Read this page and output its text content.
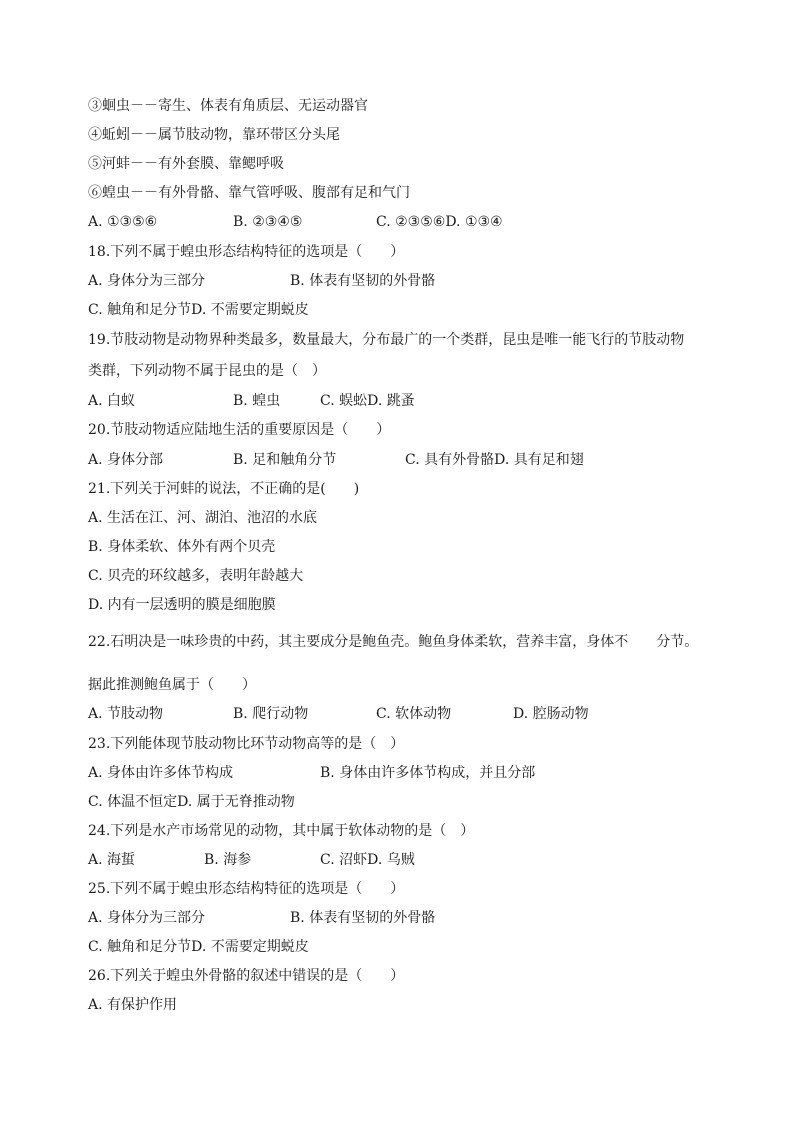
③蛔虫－－寄生、体表有角质层、无运动器官
④蚯蚓－－属节肢动物，靠环带区分头尾
⑤河蚌－－有外套膜、靠鳃呼吸
⑥蝗虫－－有外骨骼、靠气管呼吸、腹部有足和气门
A. ①③⑤⑥	B. ②③④⑤	C. ②③⑤⑥D. ①③④
18.下列不属于蝗虫形态结构特征的选项是（　　）
A. 身体分为三部分	B. 体表有坚韧的外骨骼
C. 触角和足分节D. 不需要定期蜕皮
19.节肢动物是动物界种类最多，数量最大，分布最广的一个类群，昆虫是唯一能飞行的节肢动物
类群，下列动物不属于昆虫的是（　）
A. 白蚁	B. 蝗虫	C. 蜈蚣D. 跳蚤
20.节肢动物适应陆地生活的重要原因是（　　）
A. 身体分部	B. 足和触角分节	C. 具有外骨骼D. 具有足和翅
21.下列关于河蚌的说法，不正确的是(　　)
A. 生活在江、河、湖泊、池沼的水底
B. 身体柔软、体外有两个贝壳
C. 贝壳的环纹越多，表明年龄越大
D. 内有一层透明的膜是细胞膜
22.石明决是一味珍贵的中药，其主要成分是鲍鱼壳。鲍鱼身体柔软，营养丰富，身体不　　分节。
据此推测鲍鱼属于（　　）
A. 节肢动物	B. 爬行动物	C. 软体动物	D. 腔肠动物
23.下列能体现节肢动物比环节动物高等的是（　）
A. 身体由许多体节构成	B. 身体由许多体节构成，并且分部
C. 体温不恒定D. 属于无脊推动物
24.下列是水产市场常见的动物，其中属于软体动物的是（　）
A. 海蜇	B. 海参	C. 沼虾D. 乌贼
25.下列不属于蝗虫形态结构特征的选项是（　　）
A. 身体分为三部分	B. 体表有坚韧的外骨骼
C. 触角和足分节D. 不需要定期蜕皮
26.下列关于蝗虫外骨骼的叙述中错误的是（　　）
A. 有保护作用
